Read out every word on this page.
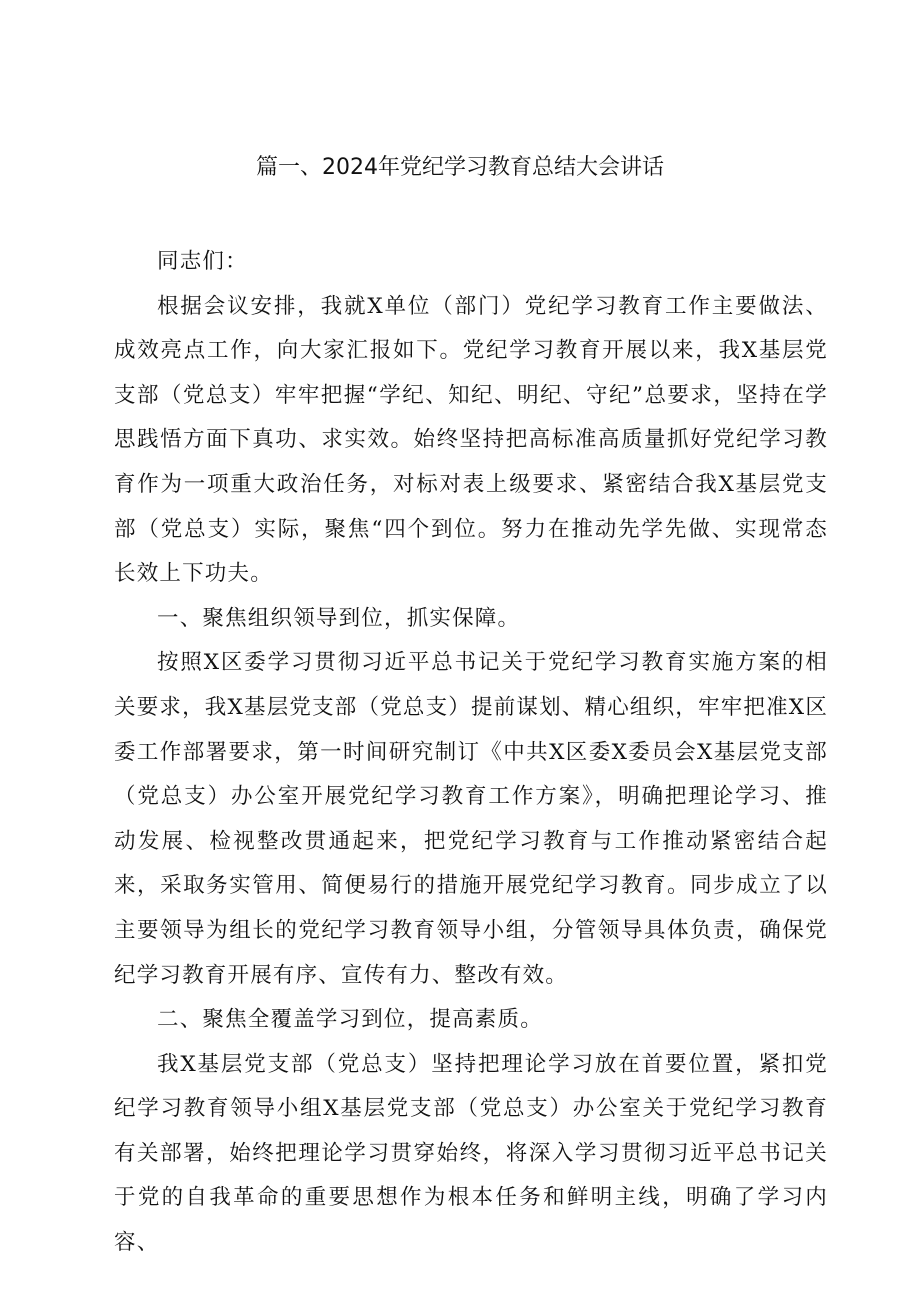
篇一、2024年党纪学习教育总结大会讲话

同志们：

根据会议安排，我就X单位（部门）党纪学习教育工作主要做法、成效亮点工作，向大家汇报如下。党纪学习教育开展以来，我X基层党支部（党总支）牢牢把握“学纪、知纪、明纪、守纪”总要求，坚持在学思践悟方面下真功、求实效。始终坚持把高标准高质量抓好党纪学习教育作为一项重大政治任务，对标对表上级要求、紧密结合我X基层党支部（党总支）实际，聚焦“四个到位。努力在推动先学先做、实现常态长效上下功夫。

一、聚焦组织领导到位，抓实保障。

按照X区委学习贯彻习近平总书记关于党纪学习教育实施方案的相关要求，我X基层党支部（党总支）提前谋划、精心组织，牢牢把准X区委工作部署要求，第一时间研究制订《中共X区委X委员会X基层党支部（党总支）办公室开展党纪学习教育工作方案》，明确把理论学习、推动发展、检视整改贯通起来，把党纪学习教育与工作推动紧密结合起来，采取务实管用、简便易行的措施开展党纪学习教育。同步成立了以主要领导为组长的党纪学习教育领导小组，分管领导具体负责，确保党纪学习教育开展有序、宣传有力、整改有效。

二、聚焦全覆盖学习到位，提高素质。

我X基层党支部（党总支）坚持把理论学习放在首要位置，紧扣党纪学习教育领导小组X基层党支部（党总支）办公室关于党纪学习教育有关部署，始终把理论学习贯穿始终，将深入学习贯彻习近平总书记关于党的自我革命的重要思想作为根本任务和鲜明主线，明确了学习内容、
